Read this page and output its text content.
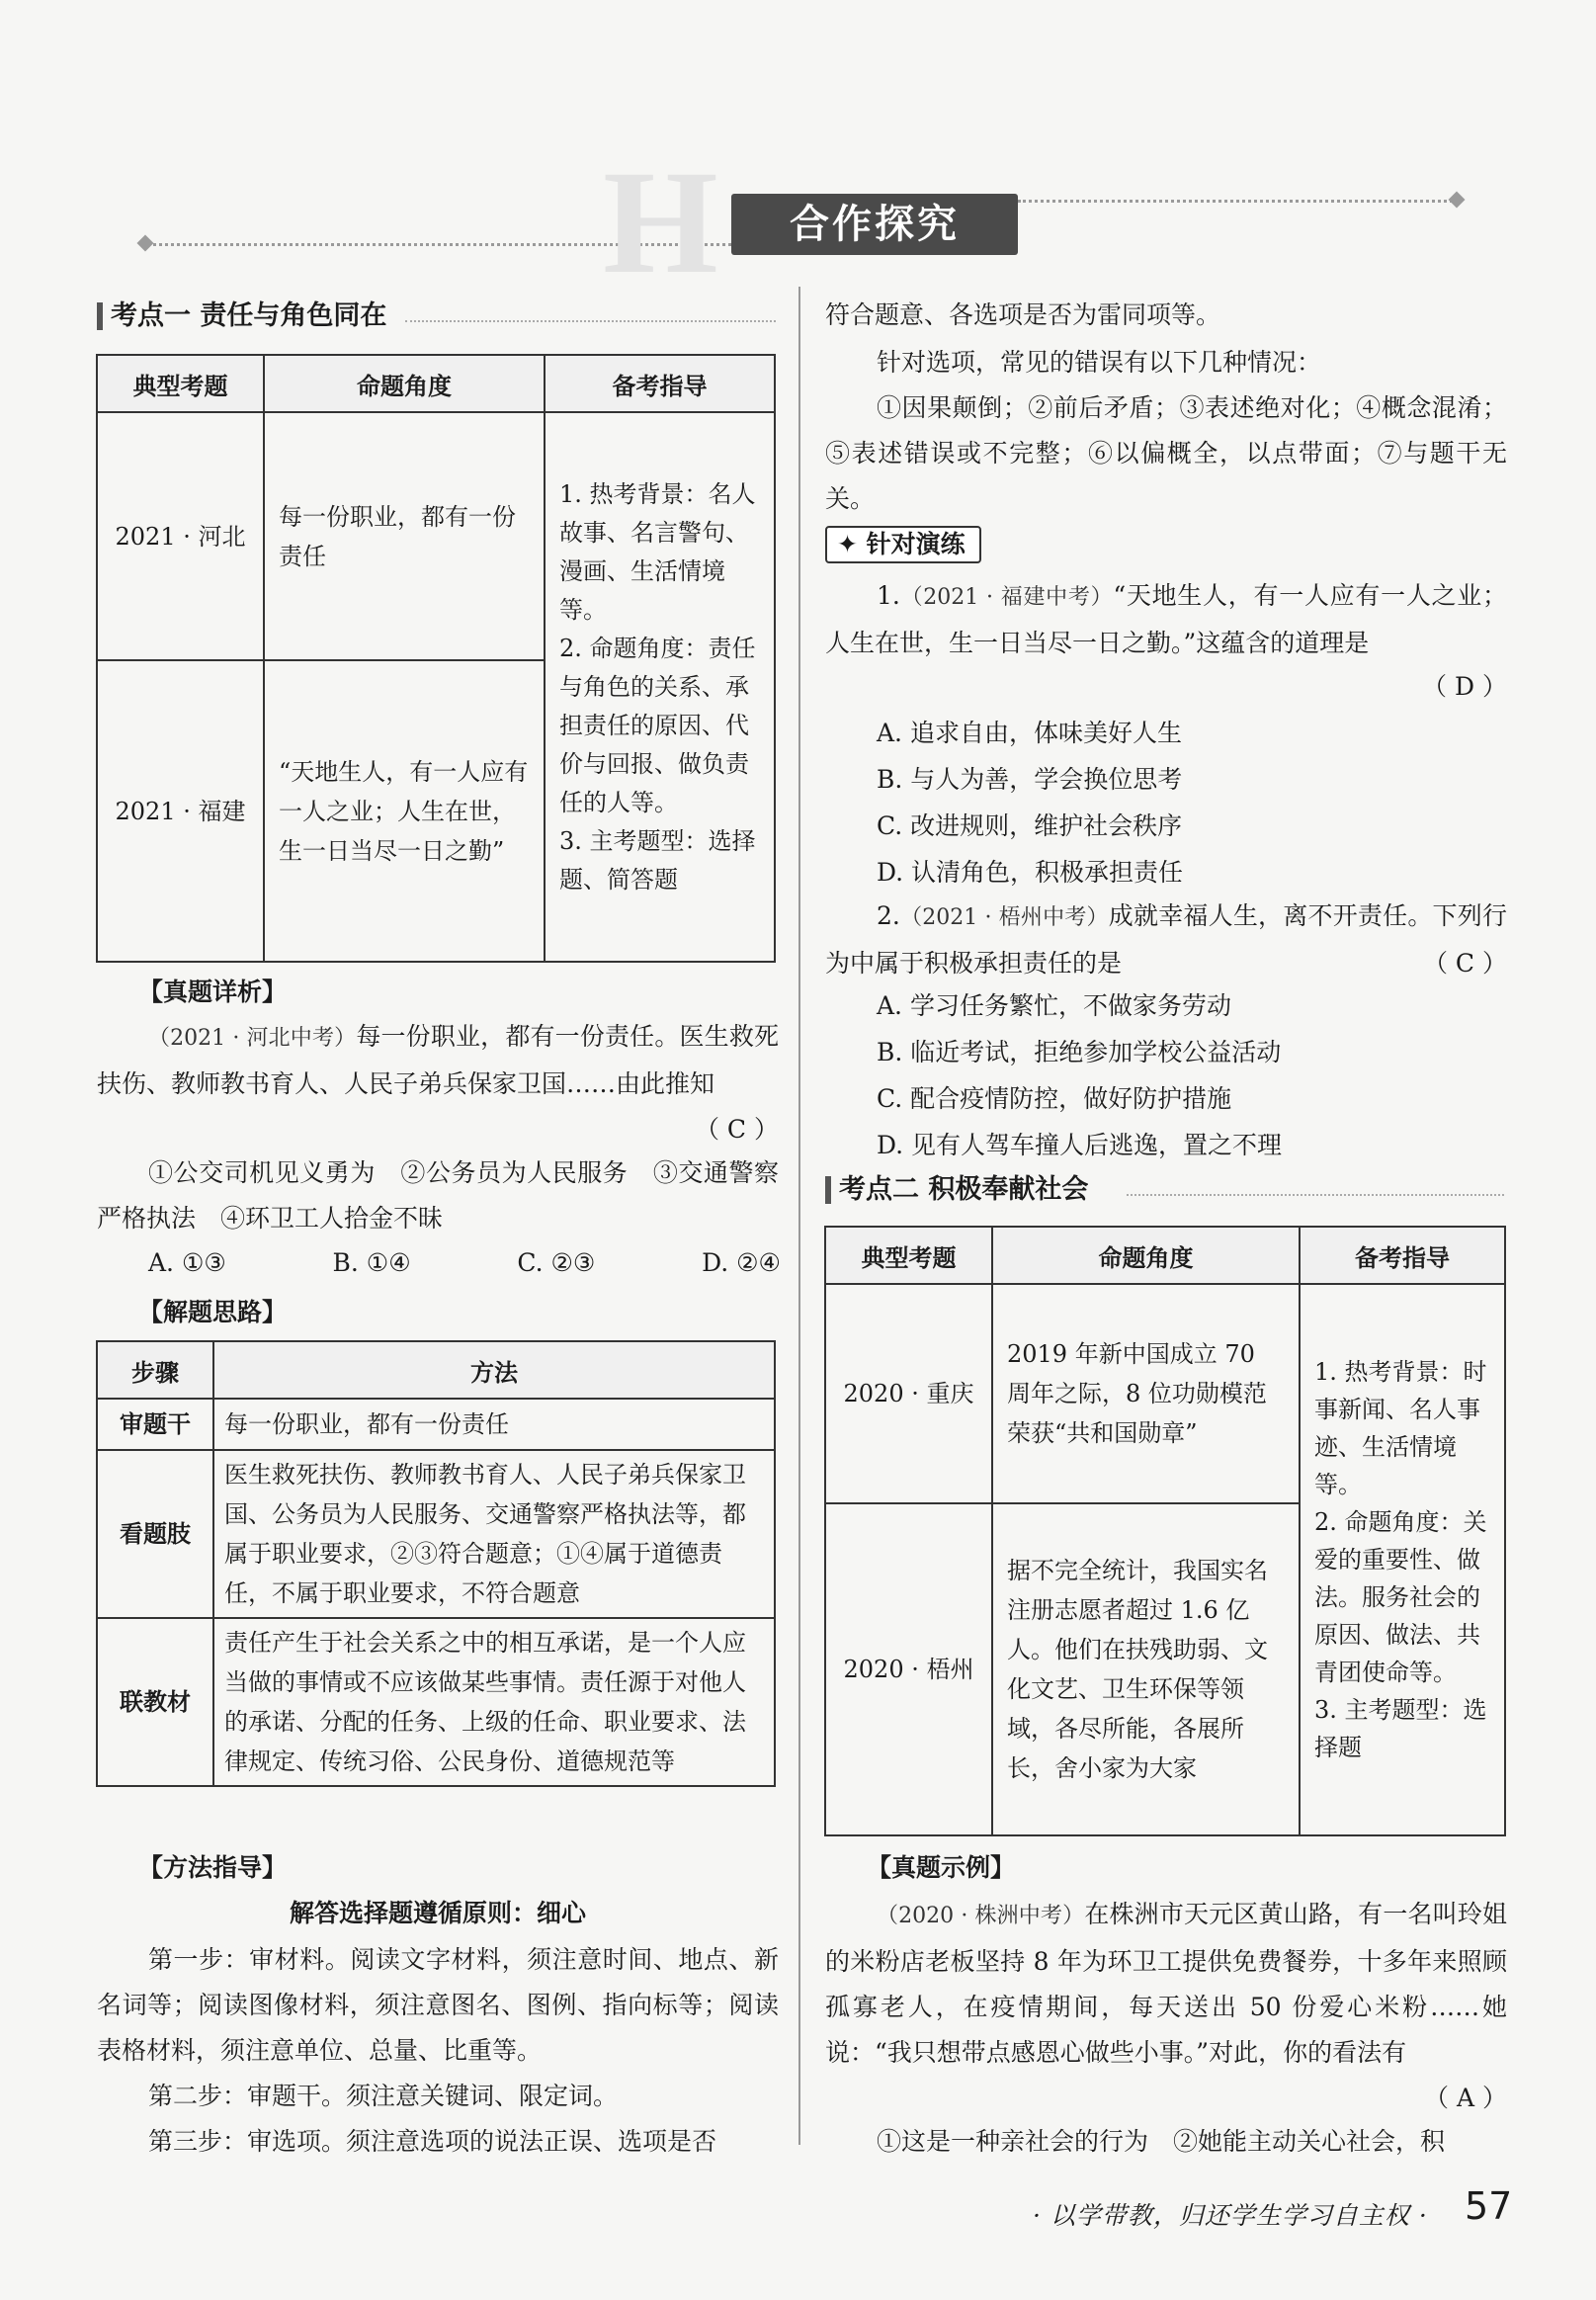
H	合作探究
考点一 责任与角色同在
典型考题	命题角度	备考指导
2021 · 河北	每一份职业，都有一份责任	1. 热考背景：名人故事、名言警句、漫画、生活情境等。
2. 命题角度：责任与角色的关系、承担责任的原因、代价与回报、做负责任的人等。
3. 主考题型：选择题、简答题
2021 · 福建	“天地生人，有一人应有一人之业；人生在世，生一日当尽一日之勤”	
【真题详析】
（2021 · 河北中考）每一份职业，都有一份责任。医生救死扶伤、教师教书育人、人民子弟兵保家卫国……由此推知
（ C ）
①公交司机见义勇为　②公务员为人民服务　③交通警察严格执法　④环卫工人拾金不昧
A. ①③	B. ①④	C. ②③	D. ②④
【解题思路】
步骤	方法
审题干	每一份职业，都有一份责任
看题肢	医生救死扶伤、教师教书育人、人民子弟兵保家卫国、公务员为人民服务、交通警察严格执法等，都属于职业要求，②③符合题意；①④属于道德责任，不属于职业要求，不符合题意
联教材	责任产生于社会关系之中的相互承诺，是一个人应当做的事情或不应该做某些事情。责任源于对他人的承诺、分配的任务、上级的任命、职业要求、法律规定、传统习俗、公民身份、道德规范等
【方法指导】
解答选择题遵循原则：细心
第一步：审材料。阅读文字材料，须注意时间、地点、新名词等；阅读图像材料，须注意图名、图例、指向标等；阅读表格材料，须注意单位、总量、比重等。
第二步：审题干。须注意关键词、限定词。
第三步：审选项。须注意选项的说法正误、选项是否
符合题意、各选项是否为雷同项等。
针对选项，常见的错误有以下几种情况：
①因果颠倒；②前后矛盾；③表述绝对化；④概念混淆；⑤表述错误或不完整；⑥以偏概全，以点带面；⑦与题干无关。
✦ 针对演练
1.（2021 · 福建中考）“天地生人，有一人应有一人之业；人生在世，生一日当尽一日之勤。”这蕴含的道理是
（ D ）
A. 追求自由，体味美好人生
B. 与人为善，学会换位思考
C. 改进规则，维护社会秩序
D. 认清角色，积极承担责任
2.（2021 · 梧州中考）成就幸福人生，离不开责任。下列行为中属于积极承担责任的是	（ C ）
A. 学习任务繁忙，不做家务劳动
B. 临近考试，拒绝参加学校公益活动
C. 配合疫情防控，做好防护措施
D. 见有人驾车撞人后逃逸，置之不理
考点二 积极奉献社会
典型考题	命题角度	备考指导
2020 · 重庆	2019 年新中国成立 70 周年之际，8 位功勋模范荣获“共和国勋章”	1. 热考背景：时事新闻、名人事迹、生活情境等。
2. 命题角度：关爱的重要性、做法。服务社会的原因、做法、共青团使命等。
3. 主考题型：选择题
2020 · 梧州	据不完全统计，我国实名注册志愿者超过 1.6 亿人。他们在扶残助弱、文化文艺、卫生环保等领域，各尽所能，各展所长，舍小家为大家	
【真题示例】
（2020 · 株洲中考）在株洲市天元区黄山路，有一名叫玲姐的米粉店老板坚持 8 年为环卫工提供免费餐券，十多年来照顾孤寡老人，在疫情期间，每天送出 50 份爱心米粉……她说：“我只想带点感恩心做些小事。”对此，你的看法有
（ A ）
①这是一种亲社会的行为　②她能主动关心社会，积
· 以学带教，归还学生学习自主权 · 57
